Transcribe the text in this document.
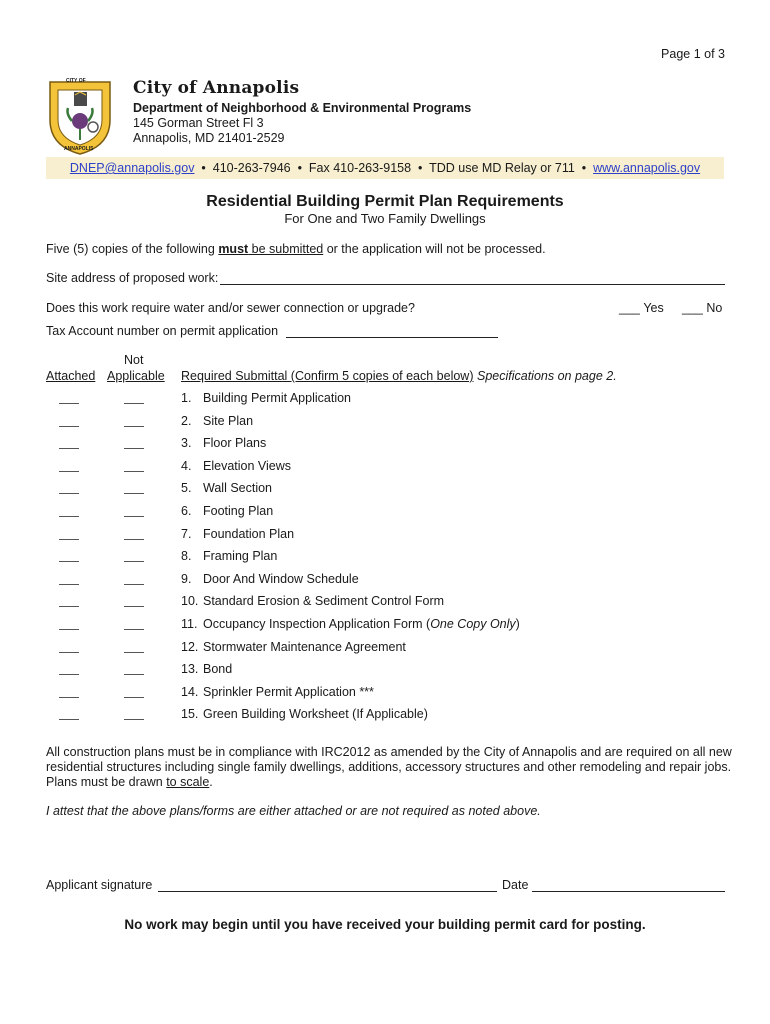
Page 1 of 3
CITY OF
ANNAPOLIS
City of Annapolis
Department of Neighborhood & Environmental Programs
145 Gorman Street Fl 3
Annapolis, MD 21401-2529
DNEP@annapolis.gov • 410-263-7946 • Fax 410-263-9158 • TDD use MD Relay or 711 • www.annapolis.gov
Residential Building Permit Plan Requirements
For One and Two Family Dwellings
Five (5) copies of the following must be submitted or the application will not be processed.
Site address of proposed work:
Does this work require water and/or sewer connection or upgrade?	___ Yes ___ No
Tax Account number on permit application
Attached
Not
Applicable Required Submittal (Confirm 5 copies of each below) Specifications on page 2.
1. Building Permit Application
2. Site Plan
3. Floor Plans
4. Elevation Views
5. Wall Section
6. Footing Plan
7. Foundation Plan
8. Framing Plan
9. Door And Window Schedule
10. Standard Erosion & Sediment Control Form
11. Occupancy Inspection Application Form (One Copy Only)
12. Stormwater Maintenance Agreement
13. Bond
14. Sprinkler Permit Application ***
15. Green Building Worksheet (If Applicable)
All construction plans must be in compliance with IRC2012 as amended by the City of Annapolis and are required on all new
residential structures including single family dwellings, additions, accessory structures and other remodeling and repair jobs.
Plans must be drawn to scale.
I attest that the above plans/forms are either attached or are not required as noted above.
Applicant signature	Date
No work may begin until you have received your building permit card for posting.
